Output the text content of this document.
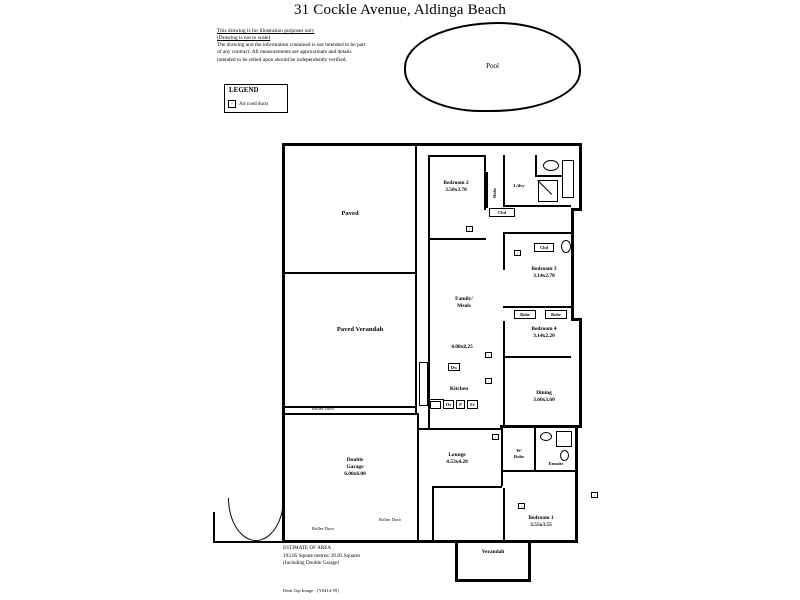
31 Cockle Avenue, Aldinga Beach
This drawing is for illustration purposes only
(Drawing is not to scale)
The drawing and the information contained is not intended to be part of any contract. All measurements are approximate and details intended to be relied upon should be independently verified.
LEGEND
▫	Air cond ducts
Pool
Paved
Paved Verandah
Double
Garage
6.00x6.00
Roller Door
Roller Door
Roller Door
Bedroom 2
3.50x3.78	Robe
L/dry
Cbd
Cbd
Bedroom 3
3.14x2.70
Robe	Robe
Bedroom 4
3.14x2.20
Dining
3.60x3.60
Family/
Meals
4.08x8.25
Dw
Kitchen
Ov	P	Fr
Lounge
4.53x4.28
W/
Robe
Ensuite
Bedroom 1
3.55x3.55
Verandah
▫
▫
▫
▫
▫
▫
▫
ESTIMATE OF AREA
193.85 Square metres/ 20.83 Squares
(Including Double Garage)
Desk Top Image - (Y0414-59)
